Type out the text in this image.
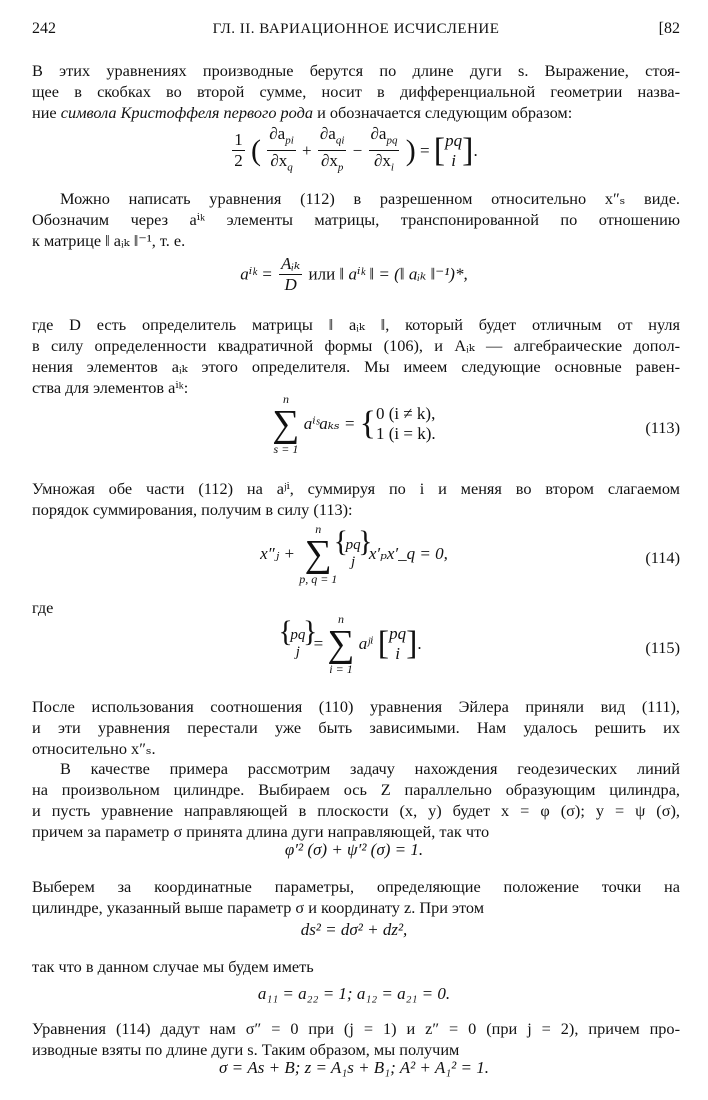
242	ГЛ. II. ВАРИАЦИОННОЕ ИСЧИСЛЕНИЕ	[82
В этих уравнениях производные берутся по длине дуги s. Выражение, стоя-
щее в скобках во второй сумме, носит в дифференциальной геометрии назва-
ние символа Кристоффеля первого рода и обозначается следующим образом:
$\frac{1}{2}$ ( $\frac{\partial a_{pi}}{\partial x_q} + \frac{\partial a_{qi}}{\partial x_p} - \frac{\partial a_{pq}}{\partial x_i}$ ) = [ pq
i ].
Можно написать уравнения (112) в разрешенном относительно x″ₛ виде.
Обозначим через aⁱᵏ элементы матрицы, транспонированной по отношению
к матрице ‖ aᵢₖ ‖⁻¹, т. е.
aⁱᵏ = $\frac{\text{Aᵢₖ}}{D}$ или ‖ aⁱᵏ ‖ = (‖ aᵢₖ ‖⁻¹)*,
где D есть определитель матрицы ‖ aᵢₖ ‖, который будет отличным от нуля
в силу определенности квадратичной формы (106), и Aᵢₖ — алгебраические допол-
нения элементов aᵢₖ этого определителя. Мы имеем следующие основные равен-
ства для элементов aⁱᵏ:
n
∑
s = 1
aⁱˢaₖₛ = { 0 (i ≠ k),
1 (i = k).	(113)
Умножая обе части (112) на aʲⁱ, суммируя по i и меняя во втором слагаемом
порядок суммирования, получим в силу (113):
x″ⱼ +
n
∑
p, q = 1

{ pq
j
} x′ₚx′_q = 0,	(114)
где
{ pq
j
} =
n
∑
i = 1
aʲⁱ [ pq
i ].	(115)
После использования соотношения (110) уравнения Эйлера приняли вид (111),
и эти уравнения перестали уже быть зависимыми. Нам удалось решить их
относительно x″ₛ.
В качестве примера рассмотрим задачу нахождения геодезических линий
на произвольном цилиндре. Выбираем ось Z параллельно образующим цилиндра,
и пусть уравнение направляющей в плоскости (x, y) будет x = φ (σ); y = ψ (σ),
причем за параметр σ принята длина дуги направляющей, так что
φ′² (σ) + ψ′² (σ) = 1.
Выберем за координатные параметры, определяющие положение точки на
цилиндре, указанный выше параметр σ и координату z. При этом
ds² = dσ² + dz²,
так что в данном случае мы будем иметь
a₁₁ = a₂₂ = 1; a₁₂ = a₂₁ = 0.
Уравнения (114) дадут нам σ″ = 0 при (j = 1) и z″ = 0 (при j = 2), причем про-
изводные взяты по длине дуги s. Таким образом, мы получим
σ = As + B; z = A₁s + B₁; A² + A₁² = 1.
